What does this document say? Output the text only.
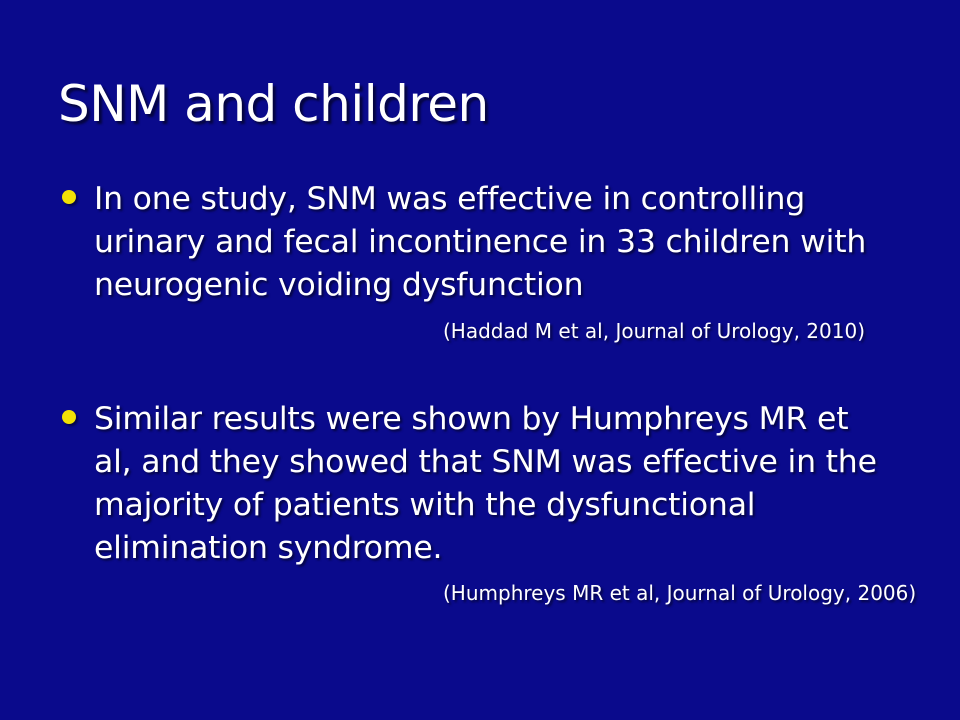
SNM and children
In one study, SNM was effective in controlling urinary and fecal incontinence in 33 children with neurogenic voiding dysfunction
(Haddad M et al, Journal of Urology, 2010)
Similar results were shown by Humphreys MR et al, and they showed that SNM was effective in the majority of patients with the dysfunctional elimination syndrome.
(Humphreys MR et al, Journal of Urology, 2006)
